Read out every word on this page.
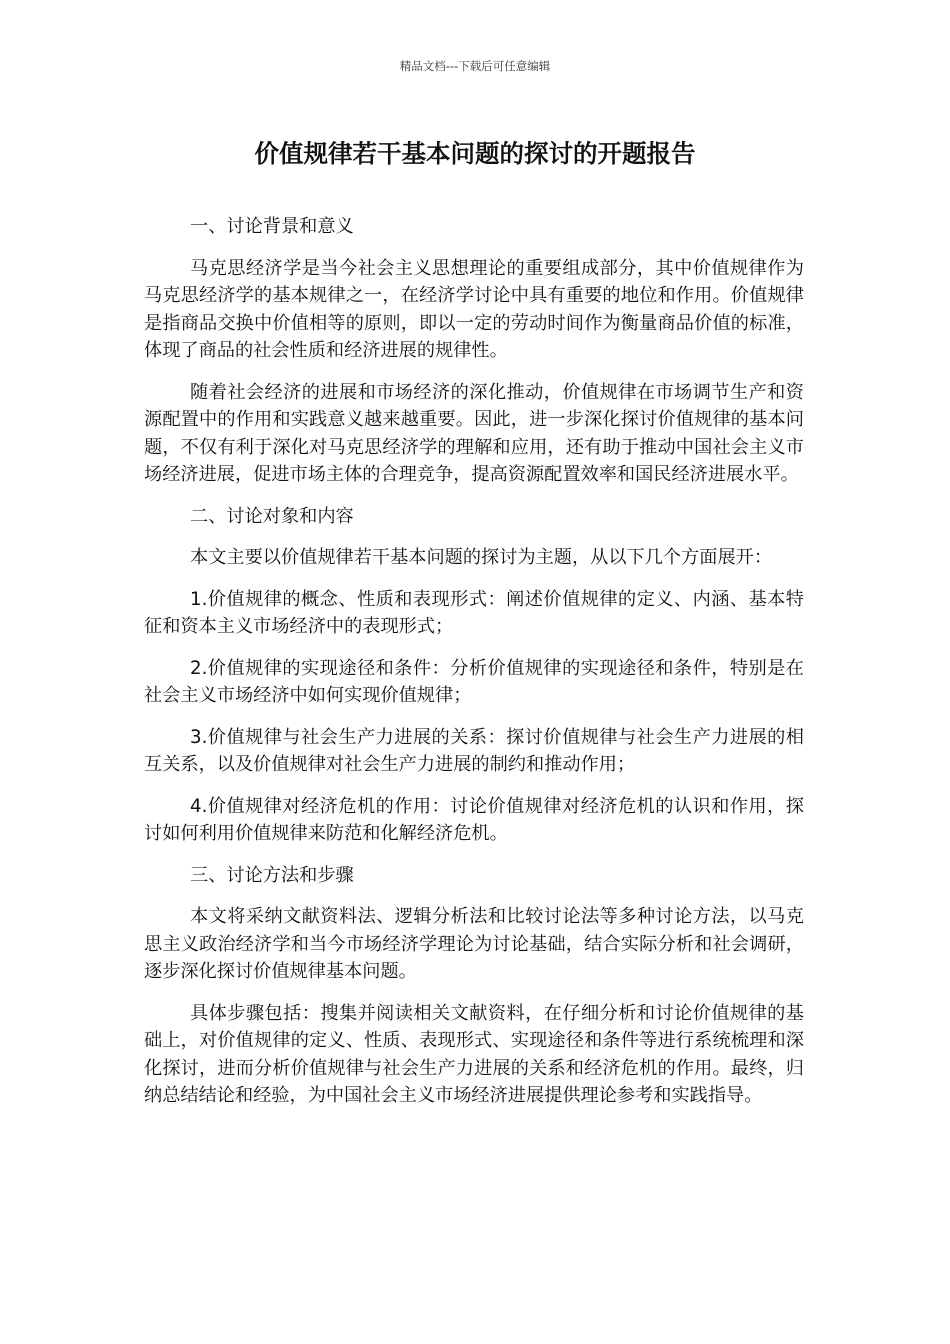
精品文档---下载后可任意编辑
价值规律若干基本问题的探讨的开题报告
一、讨论背景和意义

马克思经济学是当今社会主义思想理论的重要组成部分，其中价值规律作为马克思经济学的基本规律之一，在经济学讨论中具有重要的地位和作用。价值规律是指商品交换中价值相等的原则，即以一定的劳动时间作为衡量商品价值的标准，体现了商品的社会性质和经济进展的规律性。

随着社会经济的进展和市场经济的深化推动，价值规律在市场调节生产和资源配置中的作用和实践意义越来越重要。因此，进一步深化探讨价值规律的基本问题，不仅有利于深化对马克思经济学的理解和应用，还有助于推动中国社会主义市场经济进展，促进市场主体的合理竞争，提高资源配置效率和国民经济进展水平。

二、讨论对象和内容

本文主要以价值规律若干基本问题的探讨为主题，从以下几个方面展开：

1.价值规律的概念、性质和表现形式：阐述价值规律的定义、内涵、基本特征和资本主义市场经济中的表现形式；

2.价值规律的实现途径和条件：分析价值规律的实现途径和条件，特别是在社会主义市场经济中如何实现价值规律；

3.价值规律与社会生产力进展的关系：探讨价值规律与社会生产力进展的相互关系，以及价值规律对社会生产力进展的制约和推动作用；

4.价值规律对经济危机的作用：讨论价值规律对经济危机的认识和作用，探讨如何利用价值规律来防范和化解经济危机。

三、讨论方法和步骤

本文将采纳文献资料法、逻辑分析法和比较讨论法等多种讨论方法，以马克思主义政治经济学和当今市场经济学理论为讨论基础，结合实际分析和社会调研，逐步深化探讨价值规律基本问题。

具体步骤包括：搜集并阅读相关文献资料，在仔细分析和讨论价值规律的基础上，对价值规律的定义、性质、表现形式、实现途径和条件等进行系统梳理和深化探讨，进而分析价值规律与社会生产力进展的关系和经济危机的作用。最终，归纳总结结论和经验，为中国社会主义市场经济进展提供理论参考和实践指导。
